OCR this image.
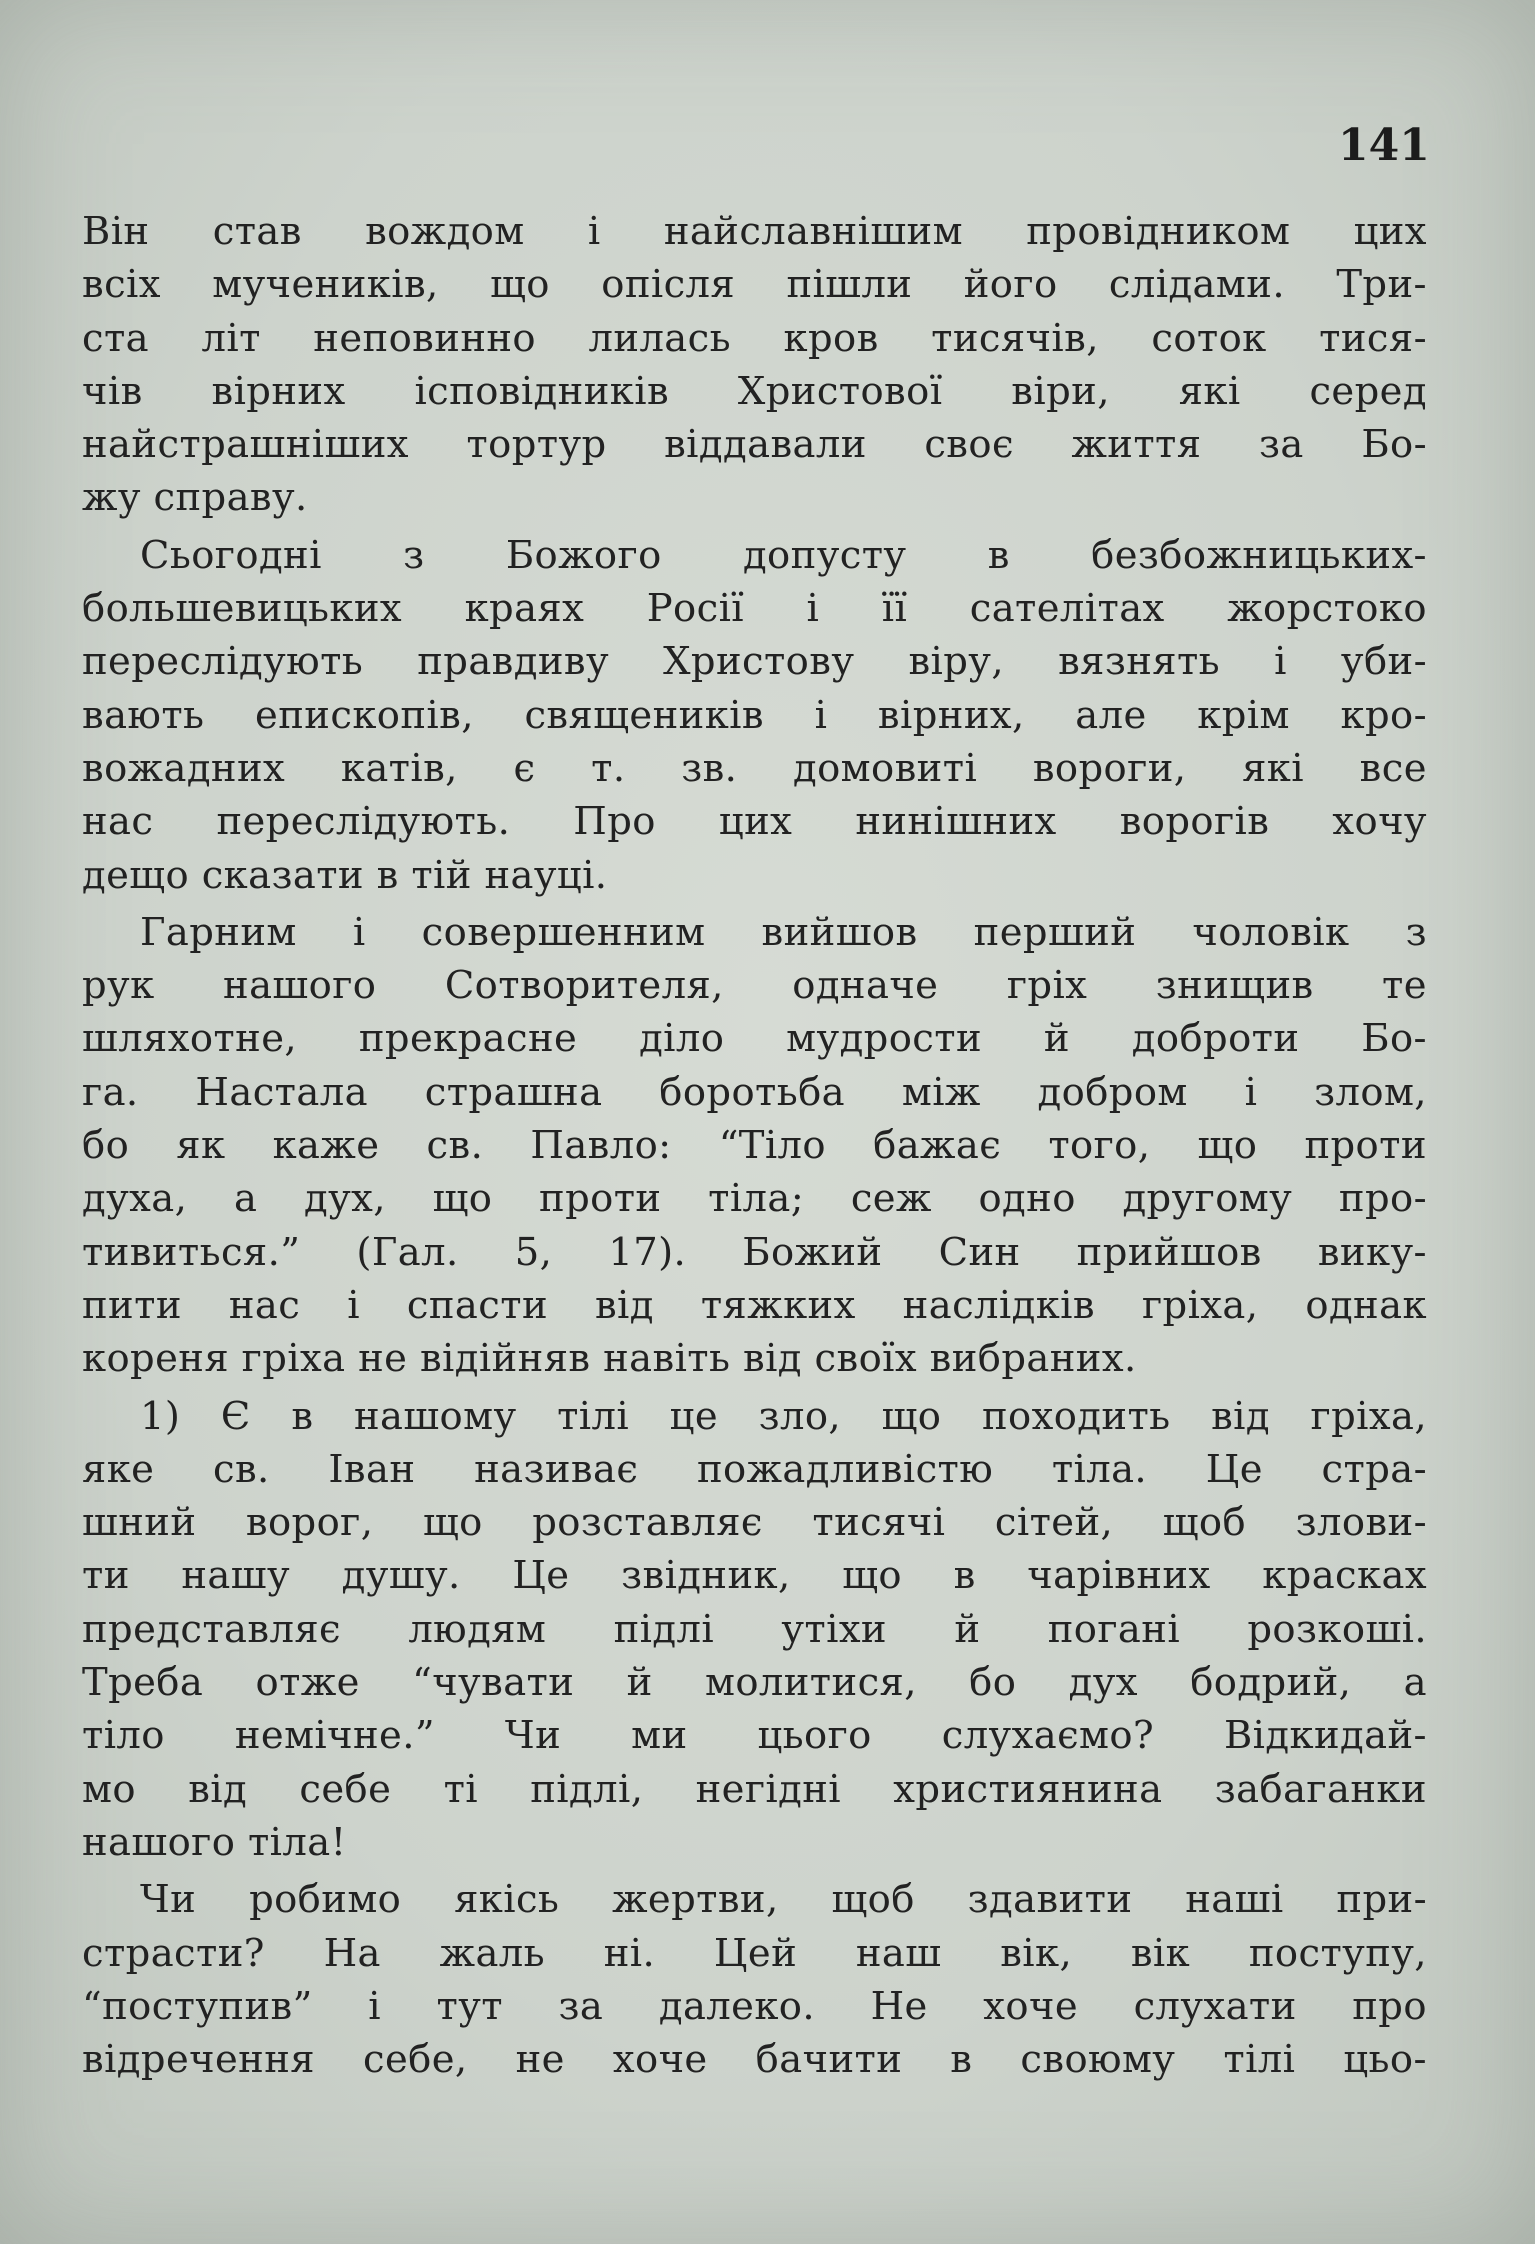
141
Він став вождом і найславнішим провідником цих
всіх мучеників, що опісля пішли його слідами. Три-
ста літ неповинно лилась кров тисячів, соток тися-
чів вірних ісповідників Христової віри, які серед
найстрашніших тортур віддавали своє життя за Бо-
жу справу.
Сьогодні з Божого допусту в безбожницьких-
большевицьких краях Росії і її сателітах жорстоко
переслідують правдиву Христову віру, вязнять і уби-
вають епископів, священиків і вірних, але крім кро-
вожадних катів, є т. зв. домовиті вороги, які все
нас переслідують. Про цих нинішних ворогів хочу
дещо сказати в тій науці.
Гарним і совершенним вийшов перший чоловік з
рук нашого Сотворителя, одначе гріх знищив те
шляхотне, прекрасне діло мудрости й доброти Бо-
га. Настала страшна боротьба між добром і злом,
бо як каже св. Павло: “Тіло бажає того, що проти
духа, а дух, що проти тіла; сеж одно другому про-
тивиться.” (Гал. 5, 17). Божий Син прийшов вику-
пити нас і спасти від тяжких наслідків гріха, однак
кореня гріха не відійняв навіть від своїх вибраних.
1) Є в нашому тілі це зло, що походить від гріха,
яке св. Іван називає пожадливістю тіла. Це стра-
шний ворог, що розставляє тисячі сітей, щоб злови-
ти нашу душу. Це звідник, що в чарівних красках
представляє людям підлі утіхи й погані розкоші.
Треба отже “чувати й молитися, бо дух бодрий, а
тіло немічне.” Чи ми цього слухаємо? Відкидай-
мо від себе ті підлі, негідні християнина забаганки
нашого тіла!
Чи робимо якісь жертви, щоб здавити наші при-
страсти? На жаль ні. Цей наш вік, вік поступу,
“поступив” і тут за далеко. Не хоче слухати про
відречення себе, не хоче бачити в своюму тілі цьо-
